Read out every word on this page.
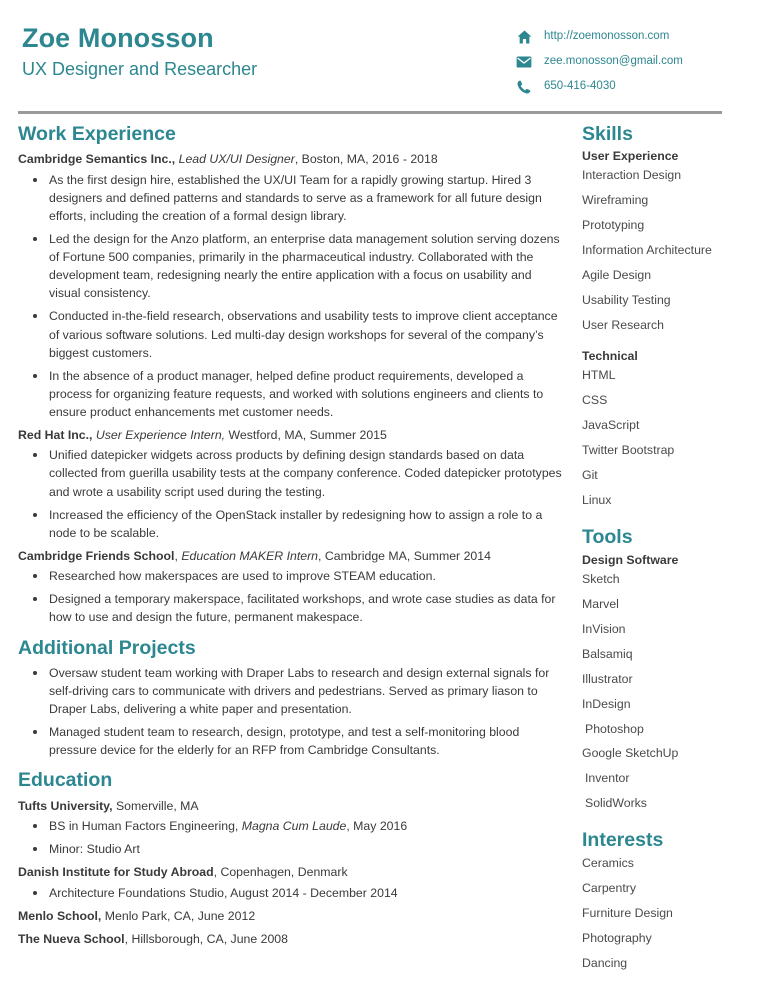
Zoe Monosson
UX Designer and Researcher
http://zoemonosson.com
zee.monosson@gmail.com
650-416-4030
Work Experience
Cambridge Semantics Inc., Lead UX/UI Designer, Boston, MA, 2016 - 2018
As the first design hire, established the UX/UI Team for a rapidly growing startup. Hired 3 designers and defined patterns and standards to serve as a framework for all future design efforts, including the creation of a formal design library.
Led the design for the Anzo platform, an enterprise data management solution serving dozens of Fortune 500 companies, primarily in the pharmaceutical industry. Collaborated with the development team, redesigning nearly the entire application with a focus on usability and visual consistency.
Conducted in-the-field research, observations and usability tests to improve client acceptance of various software solutions. Led multi-day design workshops for several of the company’s biggest customers.
In the absence of a product manager, helped define product requirements, developed a process for organizing feature requests, and worked with solutions engineers and clients to ensure product enhancements met customer needs.
Red Hat Inc., User Experience Intern, Westford, MA, Summer 2015
Unified datepicker widgets across products by defining design standards based on data collected from guerilla usability tests at the company conference. Coded datepicker prototypes and wrote a usability script used during the testing.
Increased the efficiency of the OpenStack installer by redesigning how to assign a role to a node to be scalable.
Cambridge Friends School, Education MAKER Intern, Cambridge MA, Summer 2014
Researched how makerspaces are used to improve STEAM education.
Designed a temporary makerspace, facilitated workshops, and wrote case studies as data for how to use and design the future, permanent makespace.
Additional Projects
Oversaw student team working with Draper Labs to research and design external signals for self-driving cars to communicate with drivers and pedestrians. Served as primary liason to Draper Labs, delivering a white paper and presentation.
Managed student team to research, design, prototype, and test a self-monitoring blood pressure device for the elderly for an RFP from Cambridge Consultants.
Education
Tufts University, Somerville, MA
BS in Human Factors Engineering, Magna Cum Laude, May 2016
Minor: Studio Art
Danish Institute for Study Abroad, Copenhagen, Denmark
Architecture Foundations Studio, August 2014 - December 2014
Menlo School, Menlo Park, CA, June 2012
The Nueva School, Hillsborough, CA, June 2008
Skills
User Experience
Interaction Design
Wireframing
Prototyping
Information Architecture
Agile Design
Usability Testing
User Research
Technical
HTML
CSS
JavaScript
Twitter Bootstrap
Git
Linux
Tools
Design Software
Sketch
Marvel
InVision
Balsamiq
Illustrator
InDesign
Photoshop
Google SketchUp
Inventor
SolidWorks
Interests
Ceramics
Carpentry
Furniture Design
Photography
Dancing
